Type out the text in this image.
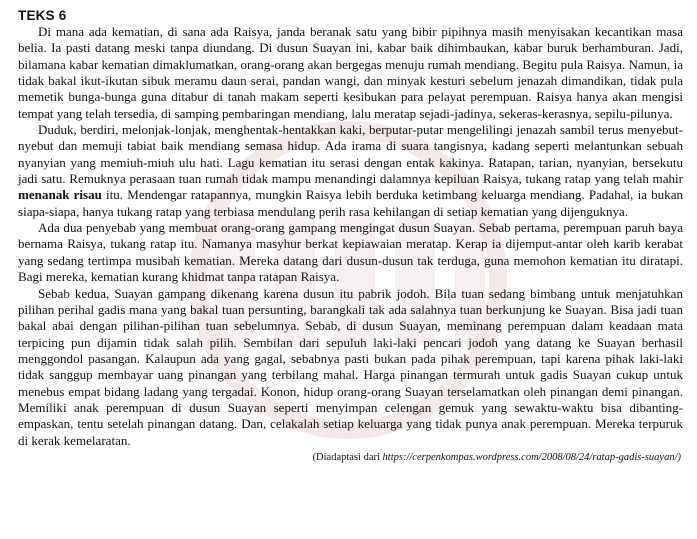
TEKS 6

Di mana ada kematian, di sana ada Raisya, janda beranak satu yang bibir pipihnya masih menyisakan kecantikan masa belia. Ia pasti datang meski tanpa diundang. Di dusun Suayan ini, kabar baik dihimbaukan, kabar buruk berhamburan. Jadi, bilamana kabar kematian dimaklumatkan, orang-orang akan bergegas menuju rumah mendiang. Begitu pula Raisya. Namun, ia tidak bakal ikut-ikutan sibuk meramu daun serai, pandan wangi, dan minyak kesturi sebelum jenazah dimandikan, tidak pula memetik bunga-bunga guna ditabur di tanah makam seperti kesibukan para pelayat perempuan. Raisya hanya akan mengisi tempat yang telah tersedia, di samping pembaringan mendiang, lalu meratap sejadi-jadinya, sekeras-kerasnya, sepilu-pilunya.

Duduk, berdiri, melonjak-lonjak, menghentak-hentakkan kaki, berputar-putar mengelilingi jenazah sambil terus menyebut-nyebut dan memuji tabiat baik mendiang semasa hidup. Ada irama di suara tangisnya, kadang seperti melantunkan sebuah nyanyian yang memiuh-miuh ulu hati. Lagu kematian itu serasi dengan entak kakinya. Ratapan, tarian, nyanyian, bersekutu jadi satu. Remuknya perasaan tuan rumah tidak mampu menandingi dalamnya kepiluan Raisya, tukang ratap yang telah mahir menanak risau itu. Mendengar ratapannya, mungkin Raisya lebih berduka ketimbang keluarga mendiang. Padahal, ia bukan siapa-siapa, hanya tukang ratap yang terbiasa mendulang perih rasa kehilangan di setiap kematian yang dijenguknya.

Ada dua penyebab yang membuat orang-orang gampang mengingat dusun Suayan. Sebab pertama, perempuan paruh baya bernama Raisya, tukang ratap itu. Namanya masyhur berkat kepiawaian meratap. Kerap ia dijemput-antar oleh karib kerabat yang sedang tertimpa musibah kematian. Mereka datang dari dusun-dusun tak terduga, guna memohon kematian itu diratapi. Bagi mereka, kematian kurang khidmat tanpa ratapan Raisya.

Sebab kedua, Suayan gampang dikenang karena dusun itu pabrik jodoh. Bila tuan sedang bimbang untuk menjatuhkan pilihan perihal gadis mana yang bakal tuan persunting, barangkali tak ada salahnya tuan berkunjung ke Suayan. Bisa jadi tuan bakal abai dengan pilihan-pilihan tuan sebelumnya. Sebab, di dusun Suayan, meminang perempuan dalam keadaan mata terpicing pun dijamin tidak salah pilih. Sembilan dari sepuluh laki-laki pencari jodoh yang datang ke Suayan berhasil menggondol pasangan. Kalaupun ada yang gagal, sebabnya pasti bukan pada pihak perempuan, tapi karena pihak laki-laki tidak sanggup membayar uang pinangan yang terbilang mahal. Harga pinangan termurah untuk gadis Suayan cukup untuk menebus empat bidang ladang yang tergadai. Konon, hidup orang-orang Suayan terselamatkan oleh pinangan demi pinangan. Memiliki anak perempuan di dusun Suayan seperti menyimpan celengan gemuk yang sewaktu-waktu bisa dibanting-empaskan, tentu setelah pinangan datang. Dan, celakalah setiap keluarga yang tidak punya anak perempuan. Mereka terpuruk di kerak kemelaratan.

(Diadaptasi dari https://cerpenkompas.wordpress.com/2008/08/24/ratap-gadis-suayan/)
